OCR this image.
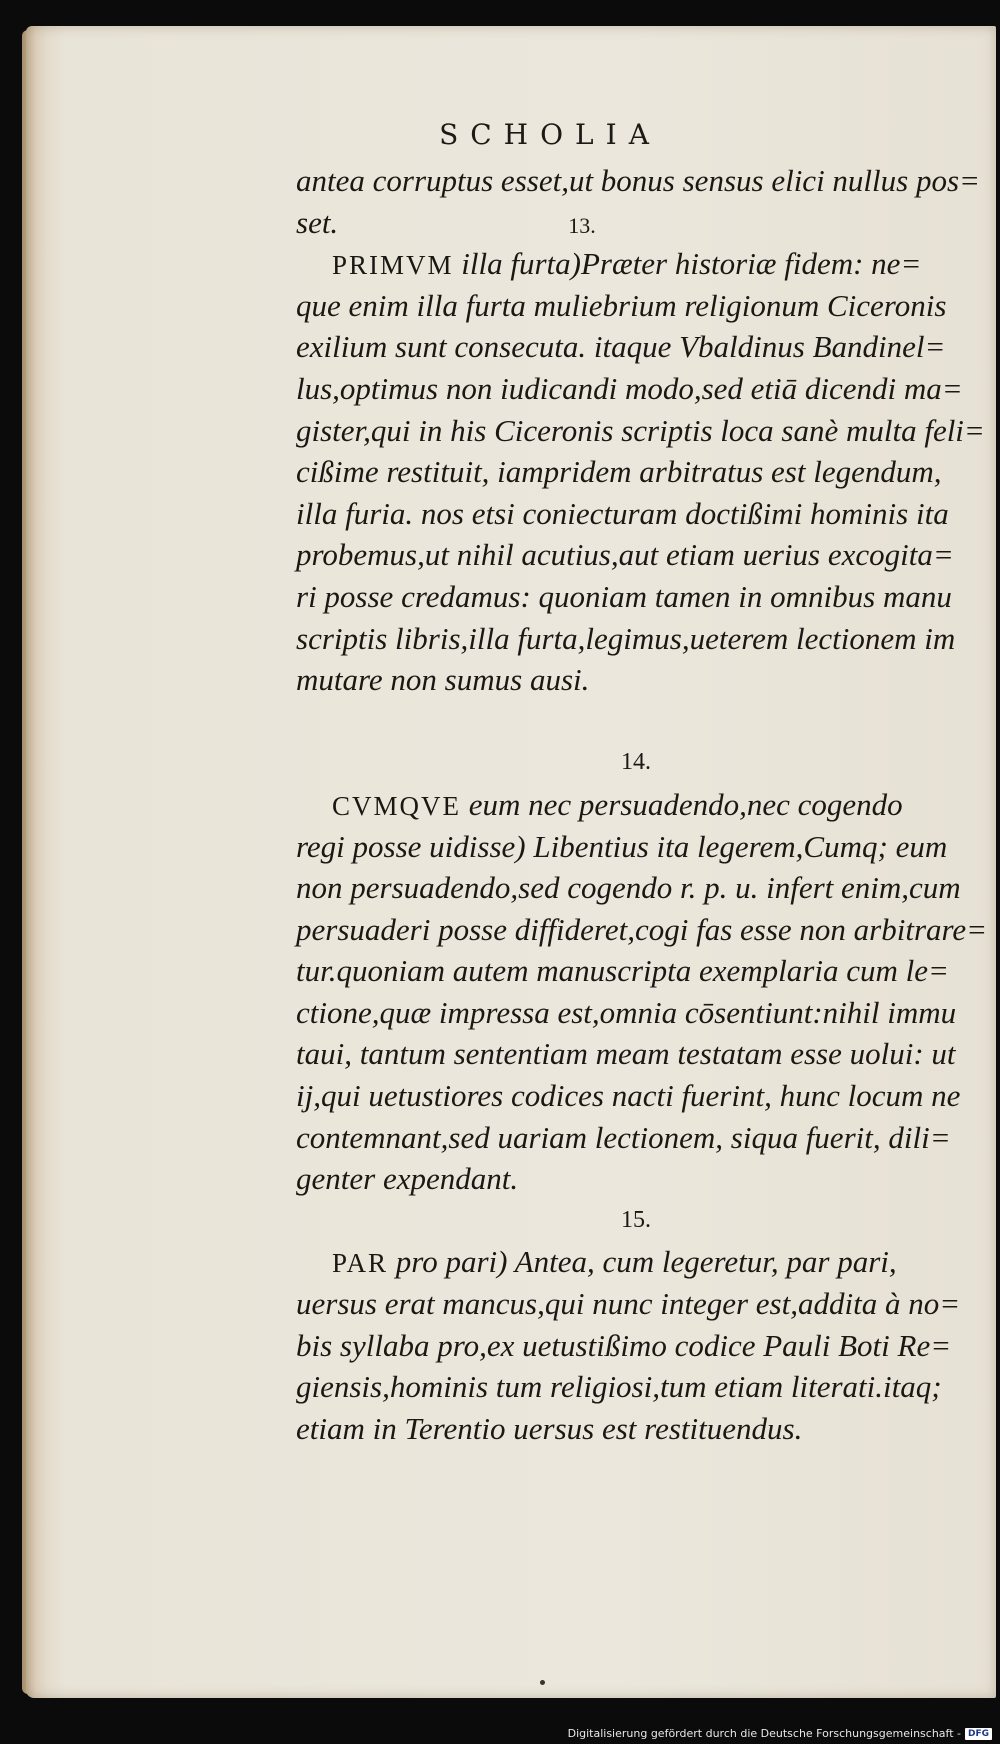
SCHOLIA
antea corruptus esset,ut bonus sensus elici nullus pos=
set.	13.
PRIMVM illa furta)Præter historiæ fidem: ne=
que enim illa furta muliebrium religionum Ciceronis
exilium sunt consecuta. itaque Vbaldinus Bandinel=
lus,optimus non iudicandi modo,sed etiā dicendi ma=
gister,qui in his Ciceronis scriptis loca sanè multa feli=
cißime restituit, iampridem arbitratus est legendum,
illa furia. nos etsi coniecturam doctißimi hominis ita
probemus,ut nihil acutius,aut etiam uerius excogita=
ri posse credamus: quoniam tamen in omnibus manu
scriptis libris,illa furta,legimus,ueterem lectionem im
mutare non sumus ausi.
14.
CVMQVE eum nec persuadendo,nec cogendo
regi posse uidisse) Libentius ita legerem,Cumq; eum
non persuadendo,sed cogendo r. p. u. infert enim,cum
persuaderi posse diffideret,cogi fas esse non arbitrare=
tur.quoniam autem manuscripta exemplaria cum le=
ctione,quæ impressa est,omnia cōsentiunt:nihil immu
taui, tantum sententiam meam testatam esse uolui: ut
ij,qui uetustiores codices nacti fuerint, hunc locum ne
contemnant,sed uariam lectionem, siqua fuerit, dili=
genter expendant.
15.
PAR pro pari) Antea, cum legeretur, par pari,
uersus erat mancus,qui nunc integer est,addita à no=
bis syllaba pro,ex uetustißimo codice Pauli Boti Re=
giensis,hominis tum religiosi,tum etiam literati.itaq;
etiam in Terentio uersus est restituendus.
Digitalisierung gefördert durch die Deutsche Forschungsgemeinschaft - DFG
